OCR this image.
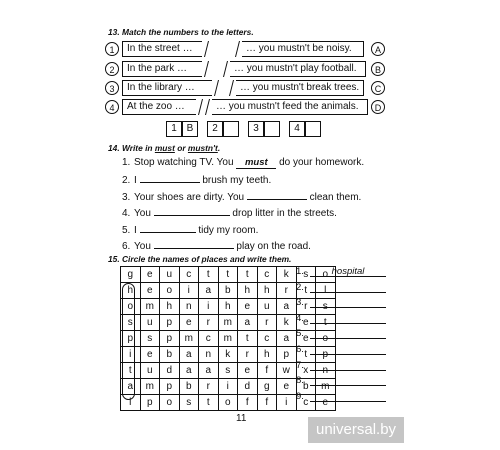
13. Match the numbers to the letters.
1	In the street …	… you mustn't be noisy.	A
2	In the park …	… you mustn't play football.	B
3	In the library …	… you mustn't break trees.	C
4	At the zoo …	… you mustn't feed the animals.	D
1 B	2	3	4
14. Write in must or mustn't.
1. Stop watching TV. You must do your homework.
2. I	brush my teeth.
3. Your shoes are dirty. You	clean them.
4. You	drop litter in the streets.
5. I	tidy my room.
6. You	play on the road.
15. Circle the names of places and write them.
g	e	u	c	t	t	t	c	k	s	o
h	e	o	i	a	b	h	h	r	t	l
o	m	h	n	i	h	e	u	a	r	s
s	u	p	e	r	m	a	r	k	e	t
p	s	p	m	c	m	t	c	a	e	o
i	e	b	a	n	k	r	h	p	t	p
t	u	d	a	a	s	e	f	w	x	n
a	m	p	b	r	i	d	g	e	b	m
l	p	o	s	t	o	f	f	i	c	e
1.	hospital
2.
3.
4.
5.
6.
7.
8.
9.
11
universal.by
